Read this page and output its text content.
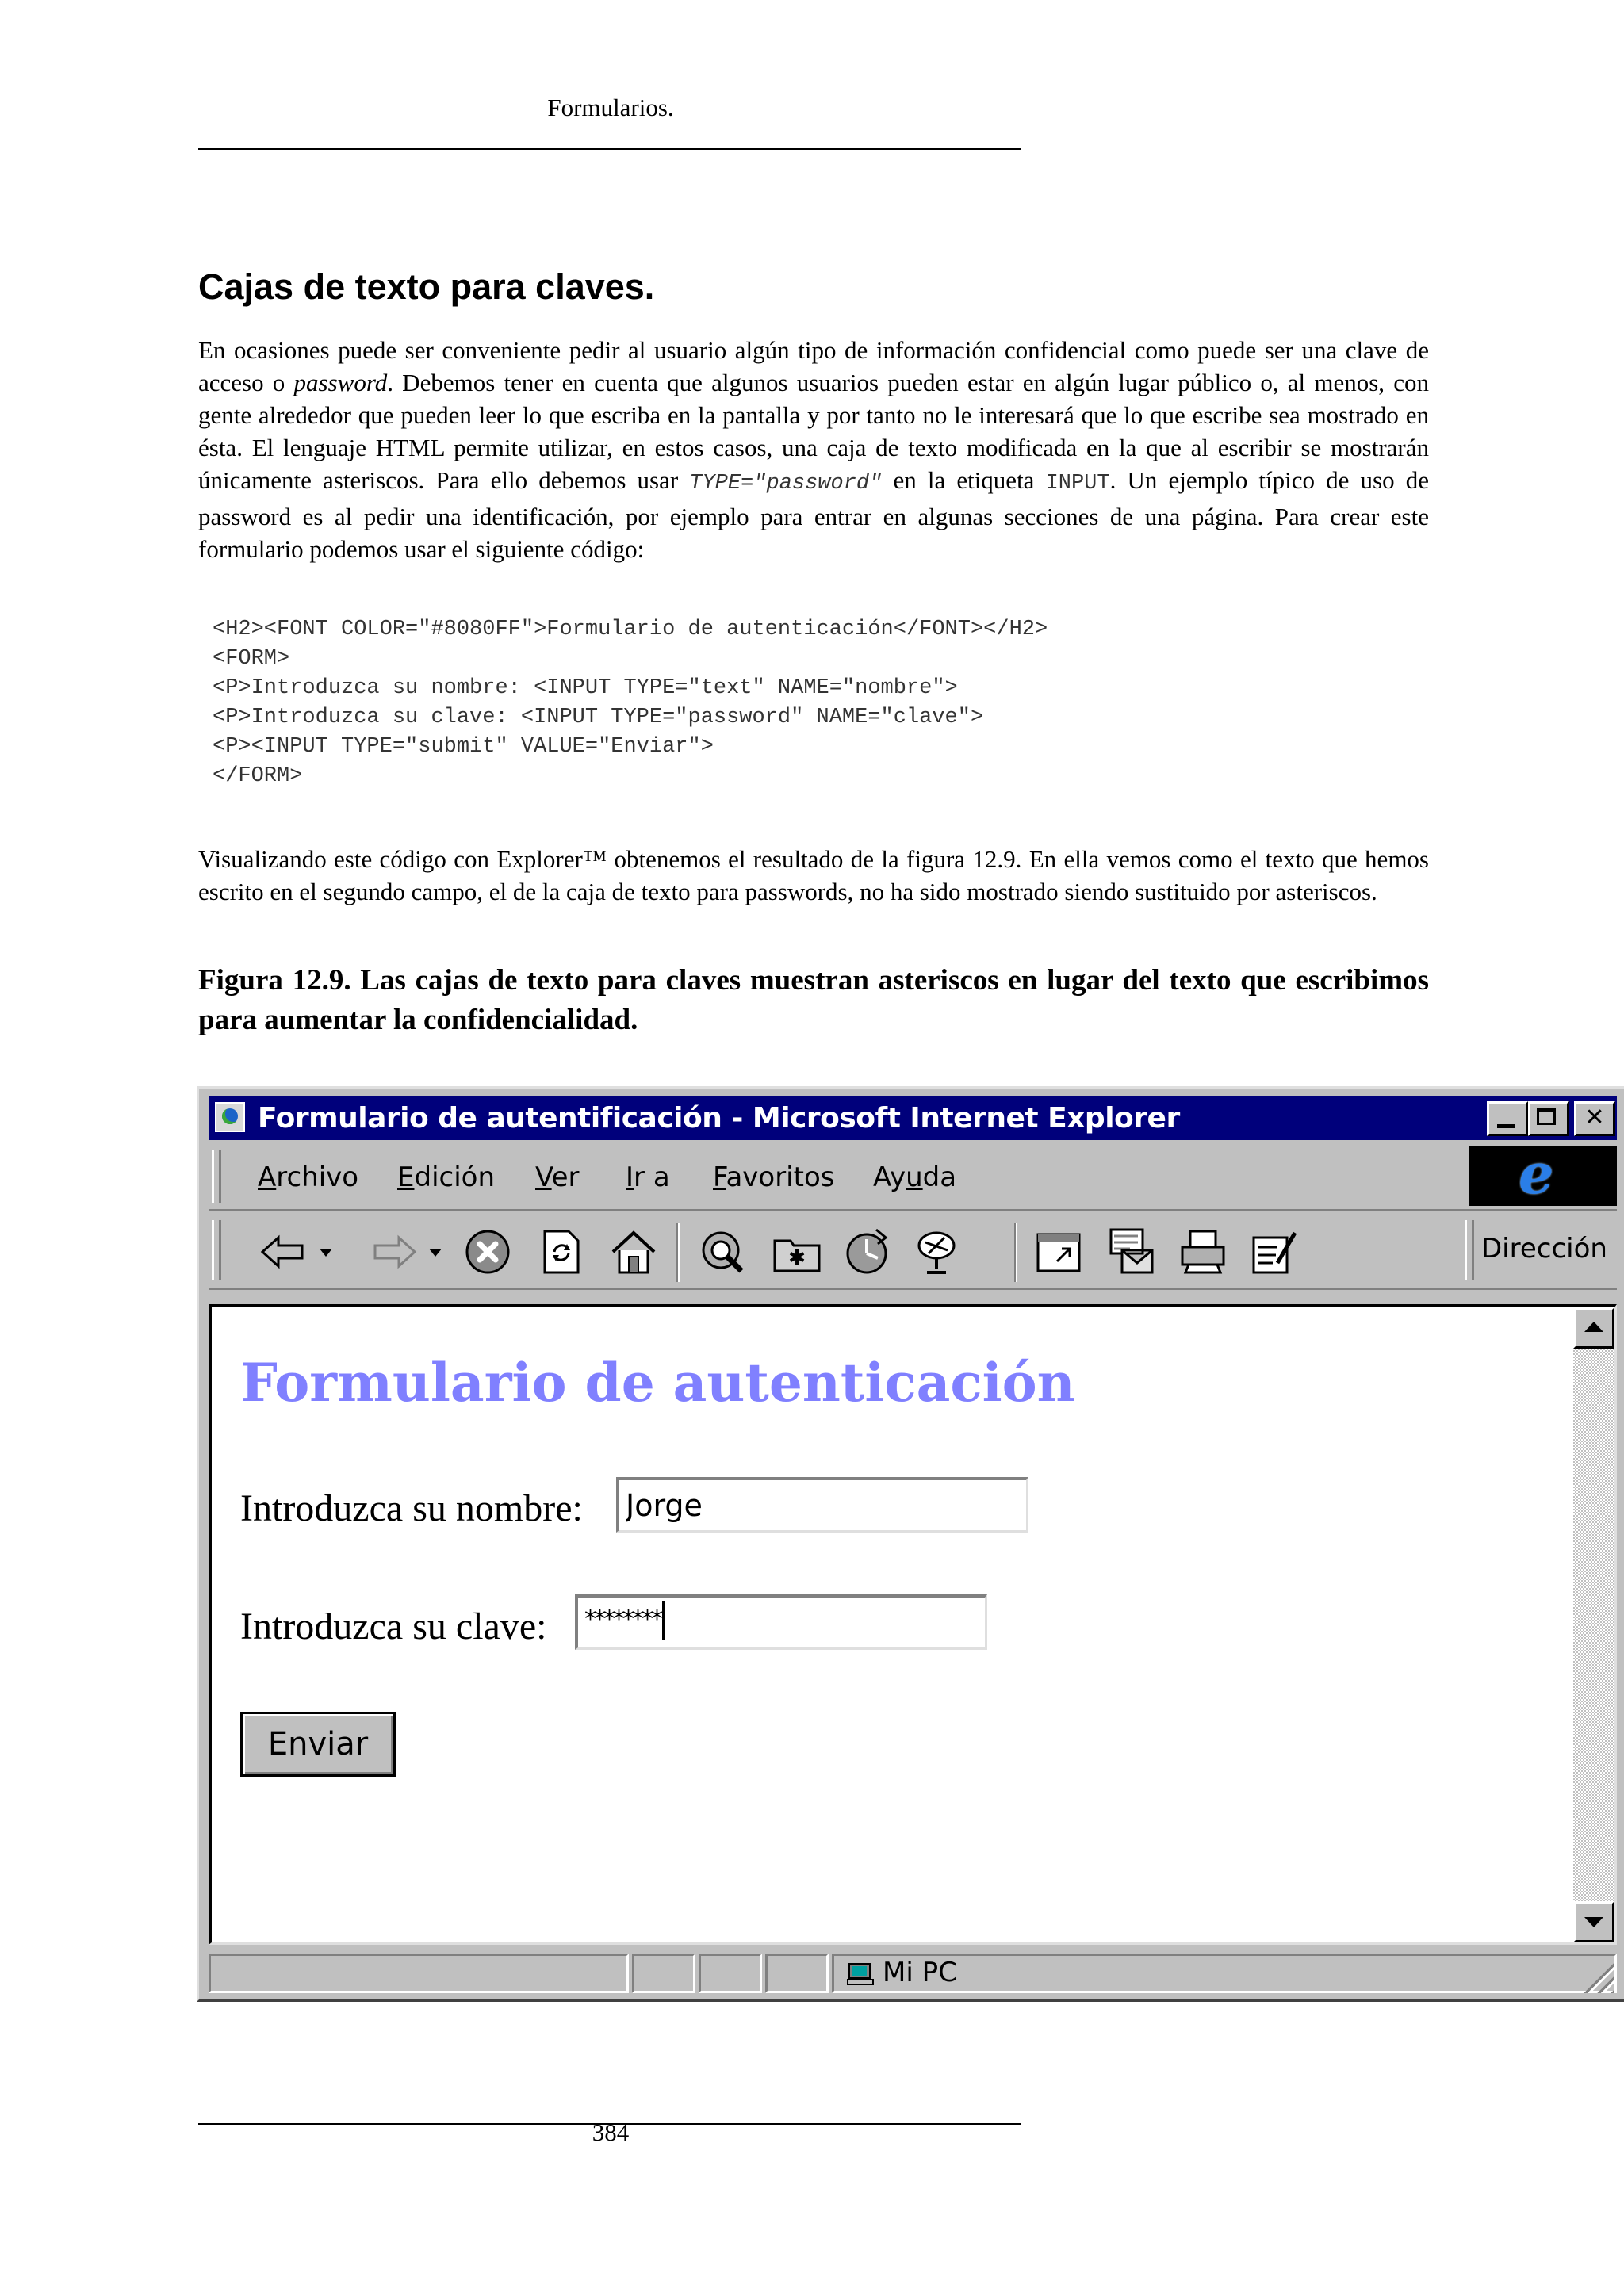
Formularios.
Cajas de texto para claves.

En ocasiones puede ser conveniente pedir al usuario algún tipo de información confidencial como puede ser una clave de acceso o password. Debemos tener en cuenta que algunos usuarios pueden estar en algún lugar público o, al menos, con gente alrededor que pueden leer lo que escriba en la pantalla y por tanto no le interesará que lo que escribe sea mostrado en ésta. El lenguaje HTML permite utilizar, en estos casos, una caja de texto modificada en la que al escribir se mostrarán únicamente asteriscos. Para ello debemos usar TYPE="password" en la etiqueta INPUT. Un ejemplo típico de uso de password es al pedir una identificación, por ejemplo para entrar en algunas secciones de una página. Para crear este formulario podemos usar el siguiente código:

<H2><FONT COLOR="#8080FF">Formulario de autenticación</FONT></H2>
<FORM>
<P>Introduzca su nombre: <INPUT TYPE="text" NAME="nombre">
<P>Introduzca su clave: <INPUT TYPE="password" NAME="clave">
<P><INPUT TYPE="submit" VALUE="Enviar">
</FORM>

Visualizando este código con Explorer™ obtenemos el resultado de la figura 12.9. En ella vemos como el texto que hemos escrito en el segundo campo, el de la caja de texto para passwords, no ha sido mostrado siendo sustituido por asteriscos.

Figura 12.9. Las cajas de texto para claves muestran asteriscos en lugar del texto que escribimos para aumentar la confidencialidad.

Formulario de autentificación - Microsoft Internet Explorer	✕
Archivo Edición Ver Ir a Favoritos Ayuda	e
✱	Dirección
Formulario de autenticación
Introduzca su nombre:
Jorge
Introduzca su clave:	********
Enviar
Mi PC
384
